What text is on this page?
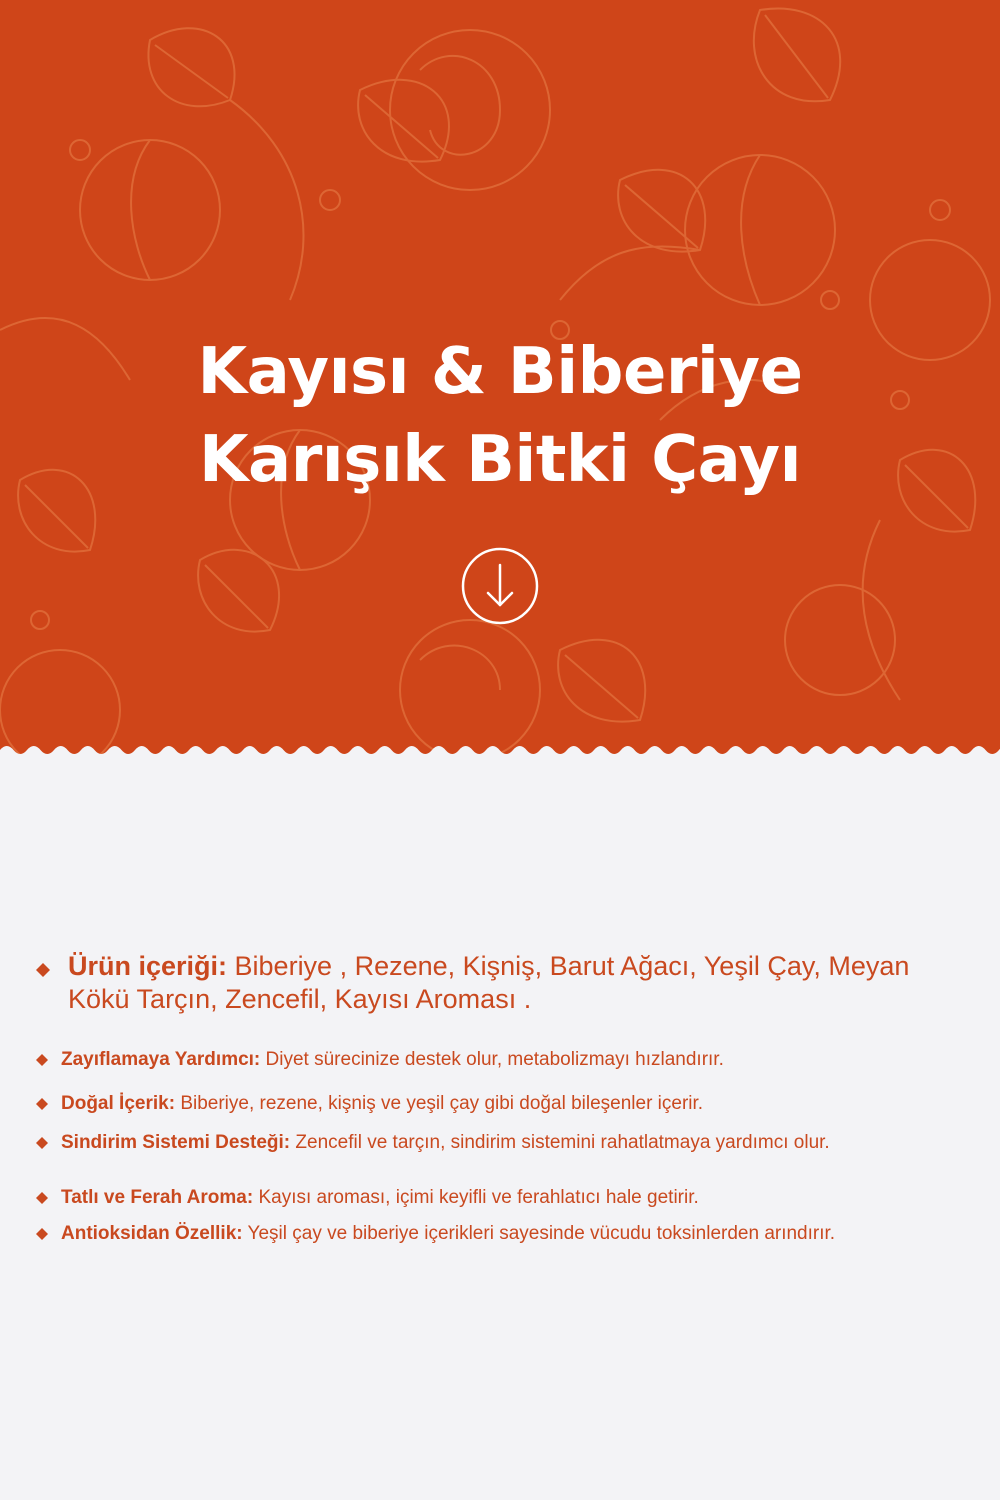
Kayısı & Biberiye
Karışık Bitki Çayı
Ürün içeriği: Biberiye , Rezene, Kişniş, Barut Ağacı, Yeşil Çay, Meyan Kökü Tarçın, Zencefil, Kayısı Aroması .
Zayıflamaya Yardımcı: Diyet sürecinize destek olur, metabolizmayı hızlandırır.
Doğal İçerik: Biberiye, rezene, kişniş ve yeşil çay gibi doğal bileşenler içerir.
Sindirim Sistemi Desteği: Zencefil ve tarçın, sindirim sistemini rahatlatmaya yardımcı olur.
Tatlı ve Ferah Aroma: Kayısı aroması, içimi keyifli ve ferahlatıcı hale getirir.
Antioksidan Özellik: Yeşil çay ve biberiye içerikleri sayesinde vücudu toksinlerden arındırır.
